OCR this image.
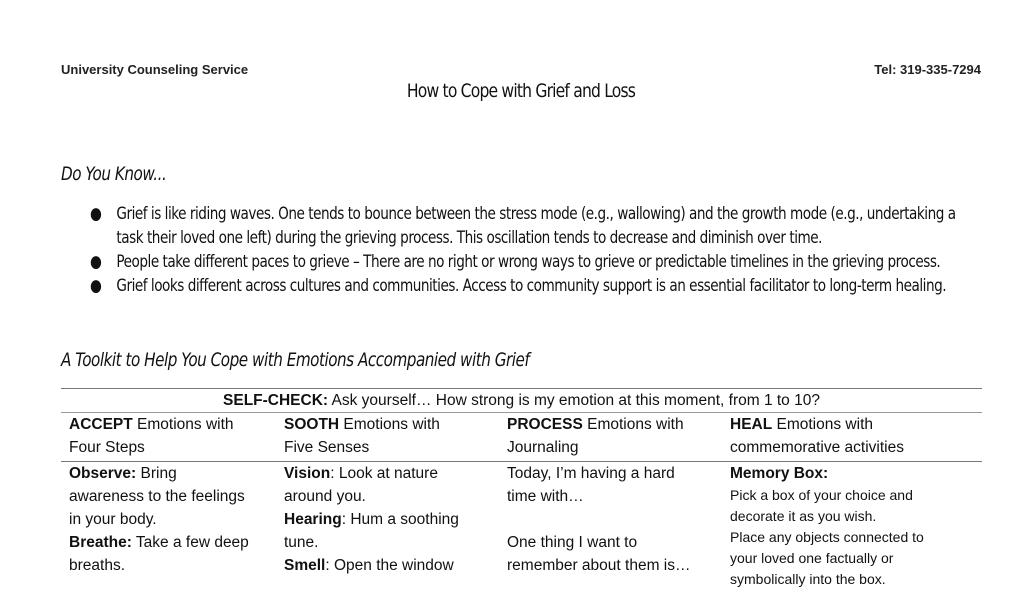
University Counseling Service	Tel: 319-335-7294
How to Cope with Grief and Loss
Do You Know...
● Grief is like riding waves. One tends to bounce between the stress mode (e.g., wallowing) and the growth mode (e.g., undertaking a
task their loved one left) during the grieving process. This oscillation tends to decrease and diminish over time.
● People take different paces to grieve – There are no right or wrong ways to grieve or predictable timelines in the grieving process.
● Grief looks different across cultures and communities. Access to community support is an essential facilitator to long-term healing.
A Toolkit to Help You Cope with Emotions Accompanied with Grief
SELF-CHECK: Ask yourself… How strong is my emotion at this moment, from 1 to 10?
ACCEPT Emotions with
Four Steps
SOOTH Emotions with
Five Senses
PROCESS Emotions with
Journaling
HEAL Emotions with
commemorative activities
Observe: Bring
awareness to the feelings
in your body.
Breathe: Take a few deep
breaths.
Vision: Look at nature
around you.
Hearing: Hum a soothing
tune.
Smell: Open the window
Today, I’m having a hard
time with…
One thing I want to
remember about them is…
Memory Box:
Pick a box of your choice and
decorate it as you wish.
Place any objects connected to
your loved one factually or
symbolically into the box.
